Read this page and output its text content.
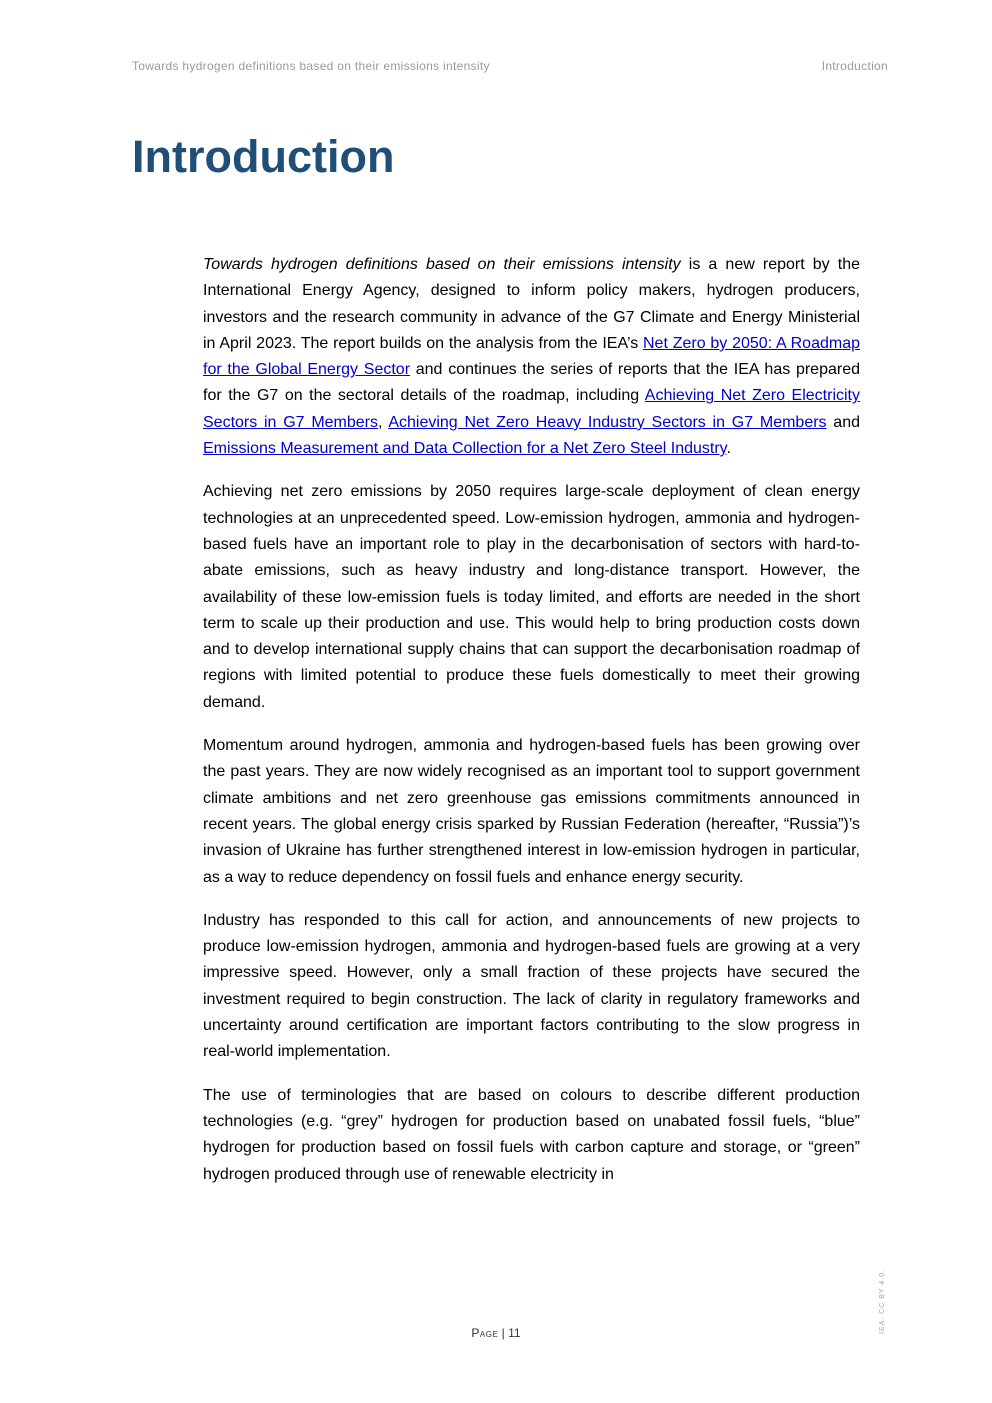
Towards hydrogen definitions based on their emissions intensity	Introduction
Introduction

Towards hydrogen definitions based on their emissions intensity is a new report by the International Energy Agency, designed to inform policy makers, hydrogen producers, investors and the research community in advance of the G7 Climate and Energy Ministerial in April 2023. The report builds on the analysis from the IEA’s Net Zero by 2050: A Roadmap for the Global Energy Sector and continues the series of reports that the IEA has prepared for the G7 on the sectoral details of the roadmap, including Achieving Net Zero Electricity Sectors in G7 Members, Achieving Net Zero Heavy Industry Sectors in G7 Members and Emissions Measurement and Data Collection for a Net Zero Steel Industry.

Achieving net zero emissions by 2050 requires large-scale deployment of clean energy technologies at an unprecedented speed. Low-emission hydrogen, ammonia and hydrogen-based fuels have an important role to play in the decarbonisation of sectors with hard-to-abate emissions, such as heavy industry and long-distance transport. However, the availability of these low-emission fuels is today limited, and efforts are needed in the short term to scale up their production and use. This would help to bring production costs down and to develop international supply chains that can support the decarbonisation roadmap of regions with limited potential to produce these fuels domestically to meet their growing demand.

Momentum around hydrogen, ammonia and hydrogen-based fuels has been growing over the past years. They are now widely recognised as an important tool to support government climate ambitions and net zero greenhouse gas emissions commitments announced in recent years. The global energy crisis sparked by Russian Federation (hereafter, “Russia”)’s invasion of Ukraine has further strengthened interest in low-emission hydrogen in particular, as a way to reduce dependency on fossil fuels and enhance energy security.

Industry has responded to this call for action, and announcements of new projects to produce low-emission hydrogen, ammonia and hydrogen-based fuels are growing at a very impressive speed. However, only a small fraction of these projects have secured the investment required to begin construction. The lack of clarity in regulatory frameworks and uncertainty around certification are important factors contributing to the slow progress in real-world implementation.

The use of terminologies that are based on colours to describe different production technologies (e.g. “grey” hydrogen for production based on unabated fossil fuels, “blue” hydrogen for production based on fossil fuels with carbon capture and storage, or “green” hydrogen produced through use of renewable electricity in

Page | 11	IEA. CC BY 4.0.
